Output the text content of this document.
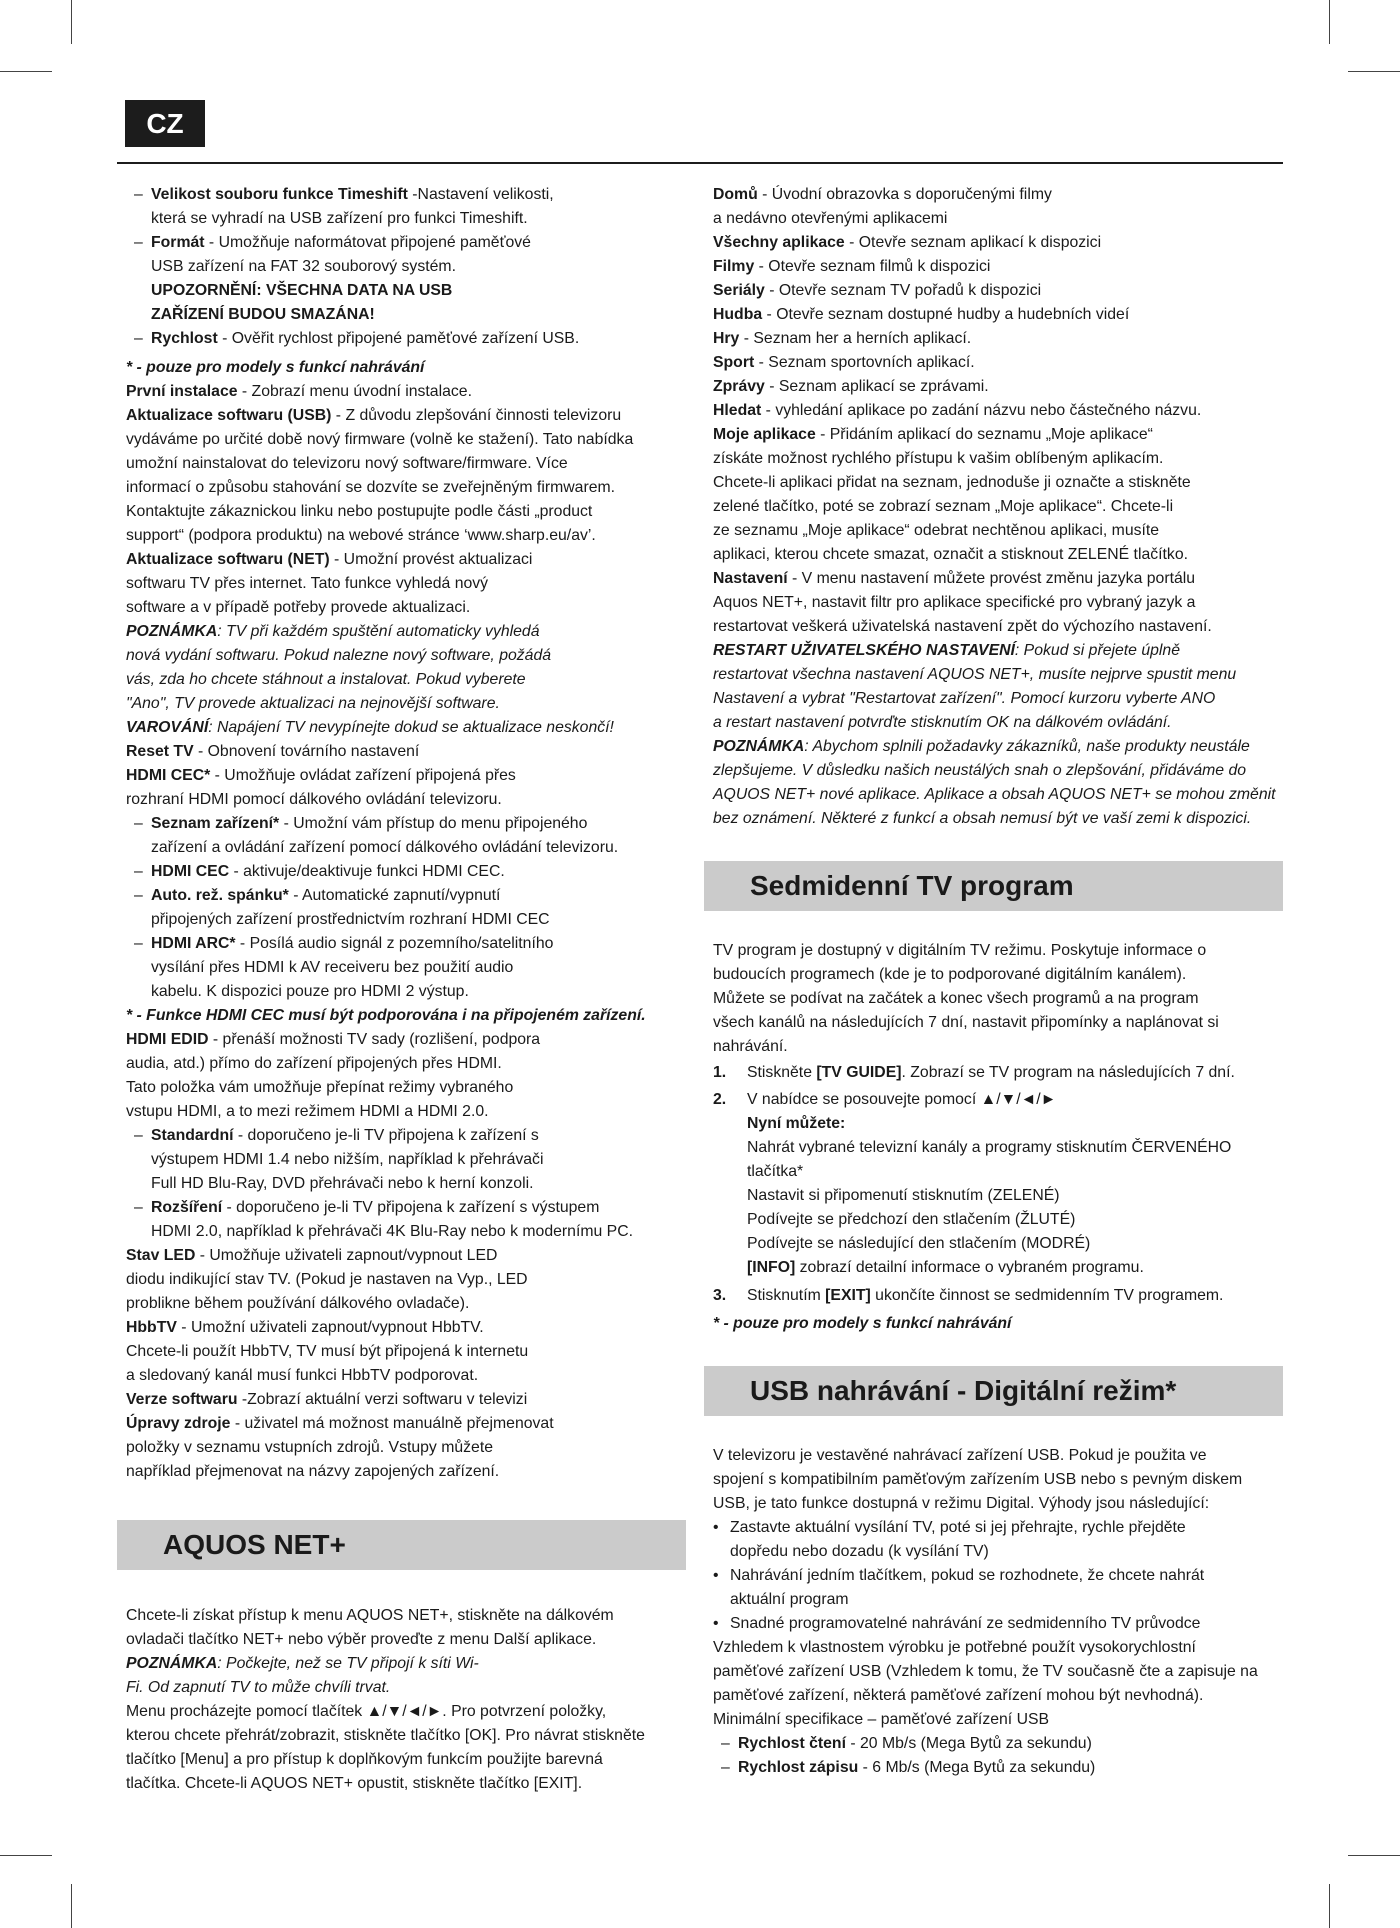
CZ

– Velikost souboru funkce Timeshift -Nastavení velikosti,

která se vyhradí na USB zařízení pro funkci Timeshift.

– Formát - Umožňuje naformátovat připojené paměťové

USB zařízení na FAT 32 souborový systém.

UPOZORNĚNÍ: VŠECHNA DATA NA USB

ZAŘÍZENÍ BUDOU SMAZÁNA!

– Rychlost - Ověřit rychlost připojené paměťové zařízení USB.

* - pouze pro modely s funkcí nahrávání

První instalace - Zobrazí menu úvodní instalace.

Aktualizace softwaru (USB) - Z důvodu zlepšování činnosti televizoru

vydáváme po určité době nový firmware (volně ke stažení). Tato nabídka

umožní nainstalovat do televizoru nový software/firmware. Více

informací o způsobu stahování se dozvíte se zveřejněným firmwarem.

Kontaktujte zákaznickou linku nebo postupujte podle části „product

support“ (podpora produktu) na webové stránce ‘www.sharp.eu/av’.

Aktualizace softwaru (NET) - Umožní provést aktualizaci

softwaru TV přes internet. Tato funkce vyhledá nový

software a v případě potřeby provede aktualizaci.

POZNÁMKA: TV při každém spuštění automaticky vyhledá

nová vydání softwaru. Pokud nalezne nový software, požádá

vás, zda ho chcete stáhnout a instalovat. Pokud vyberete

"Ano", TV provede aktualizaci na nejnovější software.

VAROVÁNÍ: Napájení TV nevypínejte dokud se aktualizace neskončí!

Reset TV - Obnovení továrního nastavení

HDMI CEC* - Umožňuje ovládat zařízení připojená přes

rozhraní HDMI pomocí dálkového ovládání televizoru.

– Seznam zařízení* - Umožní vám přístup do menu připojeného

zařízení a ovládání zařízení pomocí dálkového ovládání televizoru.

– HDMI CEC - aktivuje/deaktivuje funkci HDMI CEC.

– Auto. rež. spánku* - Automatické zapnutí/vypnutí

připojených zařízení prostřednictvím rozhraní HDMI CEC

– HDMI ARC* - Posílá audio signál z pozemního/satelitního

vysílání přes HDMI k AV receiveru bez použití audio

kabelu. K dispozici pouze pro HDMI 2 výstup.

* - Funkce HDMI CEC musí být podporována i na připojeném zařízení.

HDMI EDID - přenáší možnosti TV sady (rozlišení, podpora

audia, atd.) přímo do zařízení připojených přes HDMI.

Tato položka vám umožňuje přepínat režimy vybraného

vstupu HDMI, a to mezi režimem HDMI a HDMI 2.0.

– Standardní - doporučeno je-li TV připojena k zařízení s

výstupem HDMI 1.4 nebo nižším, například k přehrávači

Full HD Blu-Ray, DVD přehrávači nebo k herní konzoli.

– Rozšíření - doporučeno je-li TV připojena k zařízení s výstupem

HDMI 2.0, například k přehrávači 4K Blu-Ray nebo k modernímu PC.

Stav LED - Umožňuje uživateli zapnout/vypnout LED

diodu indikující stav TV. (Pokud je nastaven na Vyp., LED

problikne během používání dálkového ovladače).

HbbTV - Umožní uživateli zapnout/vypnout HbbTV.

Chcete-li použít HbbTV, TV musí být připojená k internetu

a sledovaný kanál musí funkci HbbTV podporovat.

Verze softwaru -Zobrazí aktuální verzi softwaru v televizi

Úpravy zdroje - uživatel má možnost manuálně přejmenovat

položky v seznamu vstupních zdrojů. Vstupy můžete

například přejmenovat na názvy zapojených zařízení.

AQUOS NET+

Chcete-li získat přístup k menu AQUOS NET+, stiskněte na dálkovém

ovladači tlačítko NET+ nebo výběr proveďte z menu Další aplikace.

POZNÁMKA: Počkejte, než se TV připojí k síti Wi-

Fi. Od zapnutí TV to může chvíli trvat.

Menu procházejte pomocí tlačítek ▲/▼/◄/►. Pro potvrzení položky,

kterou chcete přehrát/zobrazit, stiskněte tlačítko [OK]. Pro návrat stiskněte

tlačítko [Menu] a pro přístup k doplňkovým funkcím použijte barevná

tlačítka. Chcete-li AQUOS NET+ opustit, stiskněte tlačítko [EXIT].

Domů - Úvodní obrazovka s doporučenými filmy

a nedávno otevřenými aplikacemi

Všechny aplikace - Otevře seznam aplikací k dispozici

Filmy - Otevře seznam filmů k dispozici

Seriály - Otevře seznam TV pořadů k dispozici

Hudba - Otevře seznam dostupné hudby a hudebních videí

Hry - Seznam her a herních aplikací.

Sport - Seznam sportovních aplikací.

Zprávy - Seznam aplikací se zprávami.

Hledat - vyhledání aplikace po zadání názvu nebo částečného názvu.

Moje aplikace - Přidáním aplikací do seznamu „Moje aplikace“

získáte možnost rychlého přístupu k vašim oblíbeným aplikacím.

Chcete-li aplikaci přidat na seznam, jednoduše ji označte a stiskněte

zelené tlačítko, poté se zobrazí seznam „Moje aplikace“. Chcete-li

ze seznamu „Moje aplikace“ odebrat nechtěnou aplikaci, musíte

aplikaci, kterou chcete smazat, označit a stisknout ZELENÉ tlačítko.

Nastavení - V menu nastavení můžete provést změnu jazyka portálu

Aquos NET+, nastavit filtr pro aplikace specifické pro vybraný jazyk a

restartovat veškerá uživatelská nastavení zpět do výchozího nastavení.

RESTART UŽIVATELSKÉHO NASTAVENÍ: Pokud si přejete úplně

restartovat všechna nastavení AQUOS NET+, musíte nejprve spustit menu

Nastavení a vybrat "Restartovat zařízení". Pomocí kurzoru vyberte ANO

a restart nastavení potvrďte stisknutím OK na dálkovém ovládání.

POZNÁMKA: Abychom splnili požadavky zákazníků, naše produkty neustále

zlepšujeme. V důsledku našich neustálých snah o zlepšování, přidáváme do

AQUOS NET+ nové aplikace. Aplikace a obsah AQUOS NET+ se mohou změnit

bez oznámení. Některé z funkcí a obsah nemusí být ve vaší zemi k dispozici.

Sedmidenní TV program

TV program je dostupný v digitálním TV režimu. Poskytuje informace o

budoucích programech (kde je to podporované digitálním kanálem).

Můžete se podívat na začátek a konec všech programů a na program

všech kanálů na následujících 7 dní, nastavit připomínky a naplánovat si

nahrávání.

1. Stiskněte [TV GUIDE]. Zobrazí se TV program na následujících 7 dní.

2. V nabídce se posouvejte pomocí ▲/▼/◄/►

Nyní můžete:

Nahrát vybrané televizní kanály a programy stisknutím ČERVENÉHO

tlačítka*

Nastavit si připomenutí stisknutím (ZELENÉ)

Podívejte se předchozí den stlačením (ŽLUTÉ)

Podívejte se následující den stlačením (MODRÉ)

[INFO] zobrazí detailní informace o vybraném programu.

3. Stisknutím [EXIT] ukončíte činnost se sedmidenním TV programem.

* - pouze pro modely s funkcí nahrávání

USB nahrávání - Digitální režim*

V televizoru je vestavěné nahrávací zařízení USB. Pokud je použita ve

spojení s kompatibilním paměťovým zařízením USB nebo s pevným diskem

USB, je tato funkce dostupná v režimu Digital. Výhody jsou následující:

• Zastavte aktuální vysílání TV, poté si jej přehrajte, rychle přejděte

dopředu nebo dozadu (k vysílání TV)

• Nahrávání jedním tlačítkem, pokud se rozhodnete, že chcete nahrát

aktuální program

• Snadné programovatelné nahrávání ze sedmidenního TV průvodce

Vzhledem k vlastnostem výrobku je potřebné použít vysokorychlostní

paměťové zařízení USB (Vzhledem k tomu, že TV současně čte a zapisuje na

paměťové zařízení, některá paměťové zařízení mohou být nevhodná).

Minimální specifikace – paměťové zařízení USB

– Rychlost čtení - 20 Mb/s (Mega Bytů za sekundu)

– Rychlost zápisu - 6 Mb/s (Mega Bytů za sekundu)
